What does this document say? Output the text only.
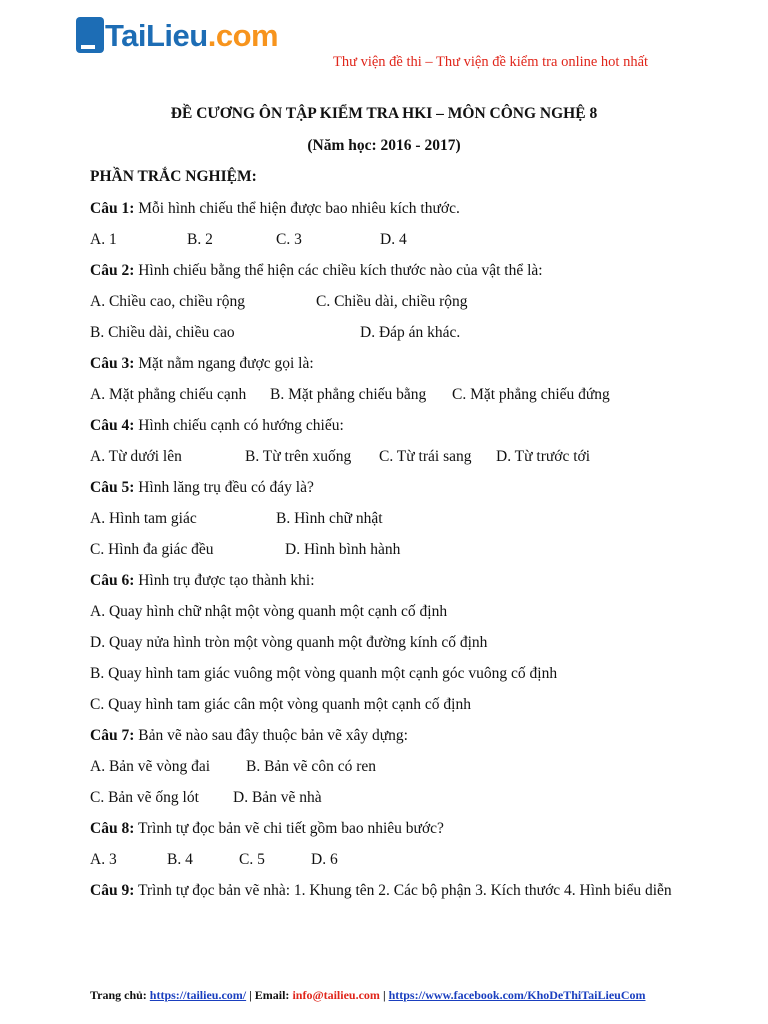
TaiLieu.com
Thư viện đề thi – Thư viện đề kiểm tra online hot nhất
ĐỀ CƯƠNG ÔN TẬP KIỂM TRA HKI – MÔN CÔNG NGHỆ 8
(Năm học: 2016 - 2017)
PHẦN TRẮC NGHIỆM:
Câu 1: Mỗi hình chiếu thể hiện được bao nhiêu kích thước.
A. 1	B. 2	C. 3	D. 4
Câu 2: Hình chiếu bằng thể hiện các chiều kích thước nào của vật thể là:
A. Chiều cao, chiều rộng	C. Chiều dài, chiều rộng
B. Chiều dài, chiều cao	D. Đáp án khác.
Câu 3: Mặt nằm ngang được gọi là:
A. Mặt phẳng chiếu cạnh B. Mặt phẳng chiếu bằng C. Mặt phẳng chiếu đứng
Câu 4: Hình chiếu cạnh có hướng chiếu:
A. Từ dưới lên	B. Từ trên xuống C. Từ trái sang D. Từ trước tới
Câu 5: Hình lăng trụ đều có đáy là?
A. Hình tam giác	B. Hình chữ nhật
C. Hình đa giác đều	D. Hình bình hành
Câu 6: Hình trụ được tạo thành khi:
A. Quay hình chữ nhật một vòng quanh một cạnh cố định
D. Quay nửa hình tròn một vòng quanh một đường kính cố định
B. Quay hình tam giác vuông một vòng quanh một cạnh góc vuông cố định
C. Quay hình tam giác cân một vòng quanh một cạnh cố định
Câu 7: Bản vẽ nào sau đây thuộc bản vẽ xây dựng:
A. Bản vẽ vòng đai B. Bản vẽ côn có ren
C. Bản vẽ ống lót D. Bản vẽ nhà
Câu 8: Trình tự đọc bản vẽ chi tiết gồm bao nhiêu bước?
A. 3	B. 4	C. 5	D. 6
Câu 9: Trình tự đọc bản vẽ nhà: 1. Khung tên 2. Các bộ phận 3. Kích thước 4. Hình biểu diễn
Trang chủ: https://tailieu.com/ | Email: info@tailieu.com | https://www.facebook.com/KhoDeThiTaiLieuCom
